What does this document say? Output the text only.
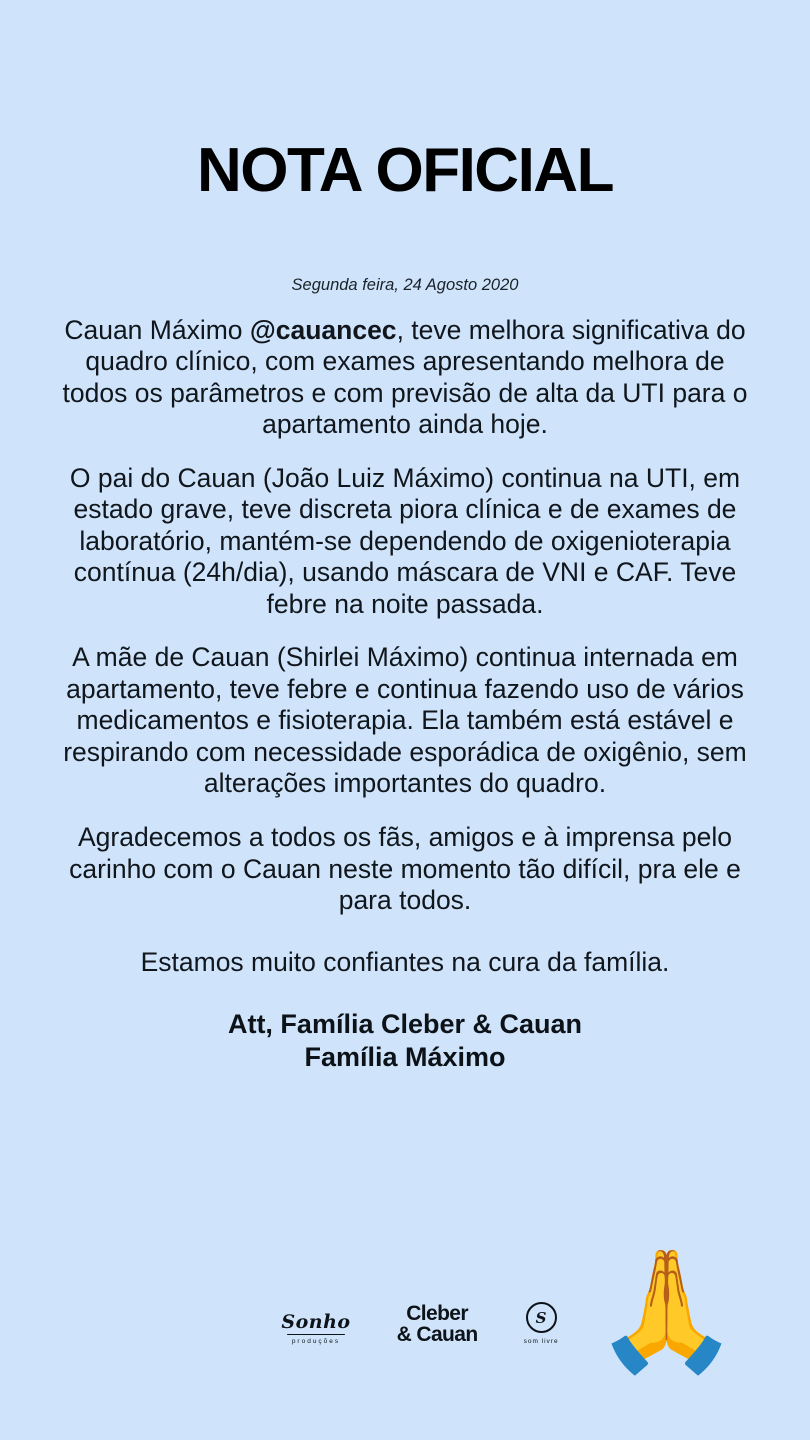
NOTA OFICIAL
Segunda feira, 24 Agosto 2020

Cauan Máximo @cauancec, teve melhora significativa do quadro clínico, com exames apresentando melhora de todos os parâmetros e com previsão de alta da UTI para o apartamento ainda hoje.

O pai do Cauan (João Luiz Máximo) continua na UTI, em estado grave, teve discreta piora clínica e de exames de laboratório, mantém-se dependendo de oxigenioterapia contínua (24h/dia), usando máscara de VNI e CAF. Teve febre na noite passada.

A mãe de Cauan (Shirlei Máximo) continua internada em apartamento, teve febre e continua fazendo uso de vários medicamentos e fisioterapia. Ela também está estável e respirando com necessidade esporádica de oxigênio, sem alterações importantes do quadro.

Agradecemos a todos os fãs, amigos e à imprensa pelo carinho com o Cauan neste momento tão difícil, pra ele e para todos.

Estamos muito confiantes na cura da família.

Att, Família Cleber & Cauan
Família Máximo
Sonho
produções
Cleber
& Cauan
S
som livre 🙏
